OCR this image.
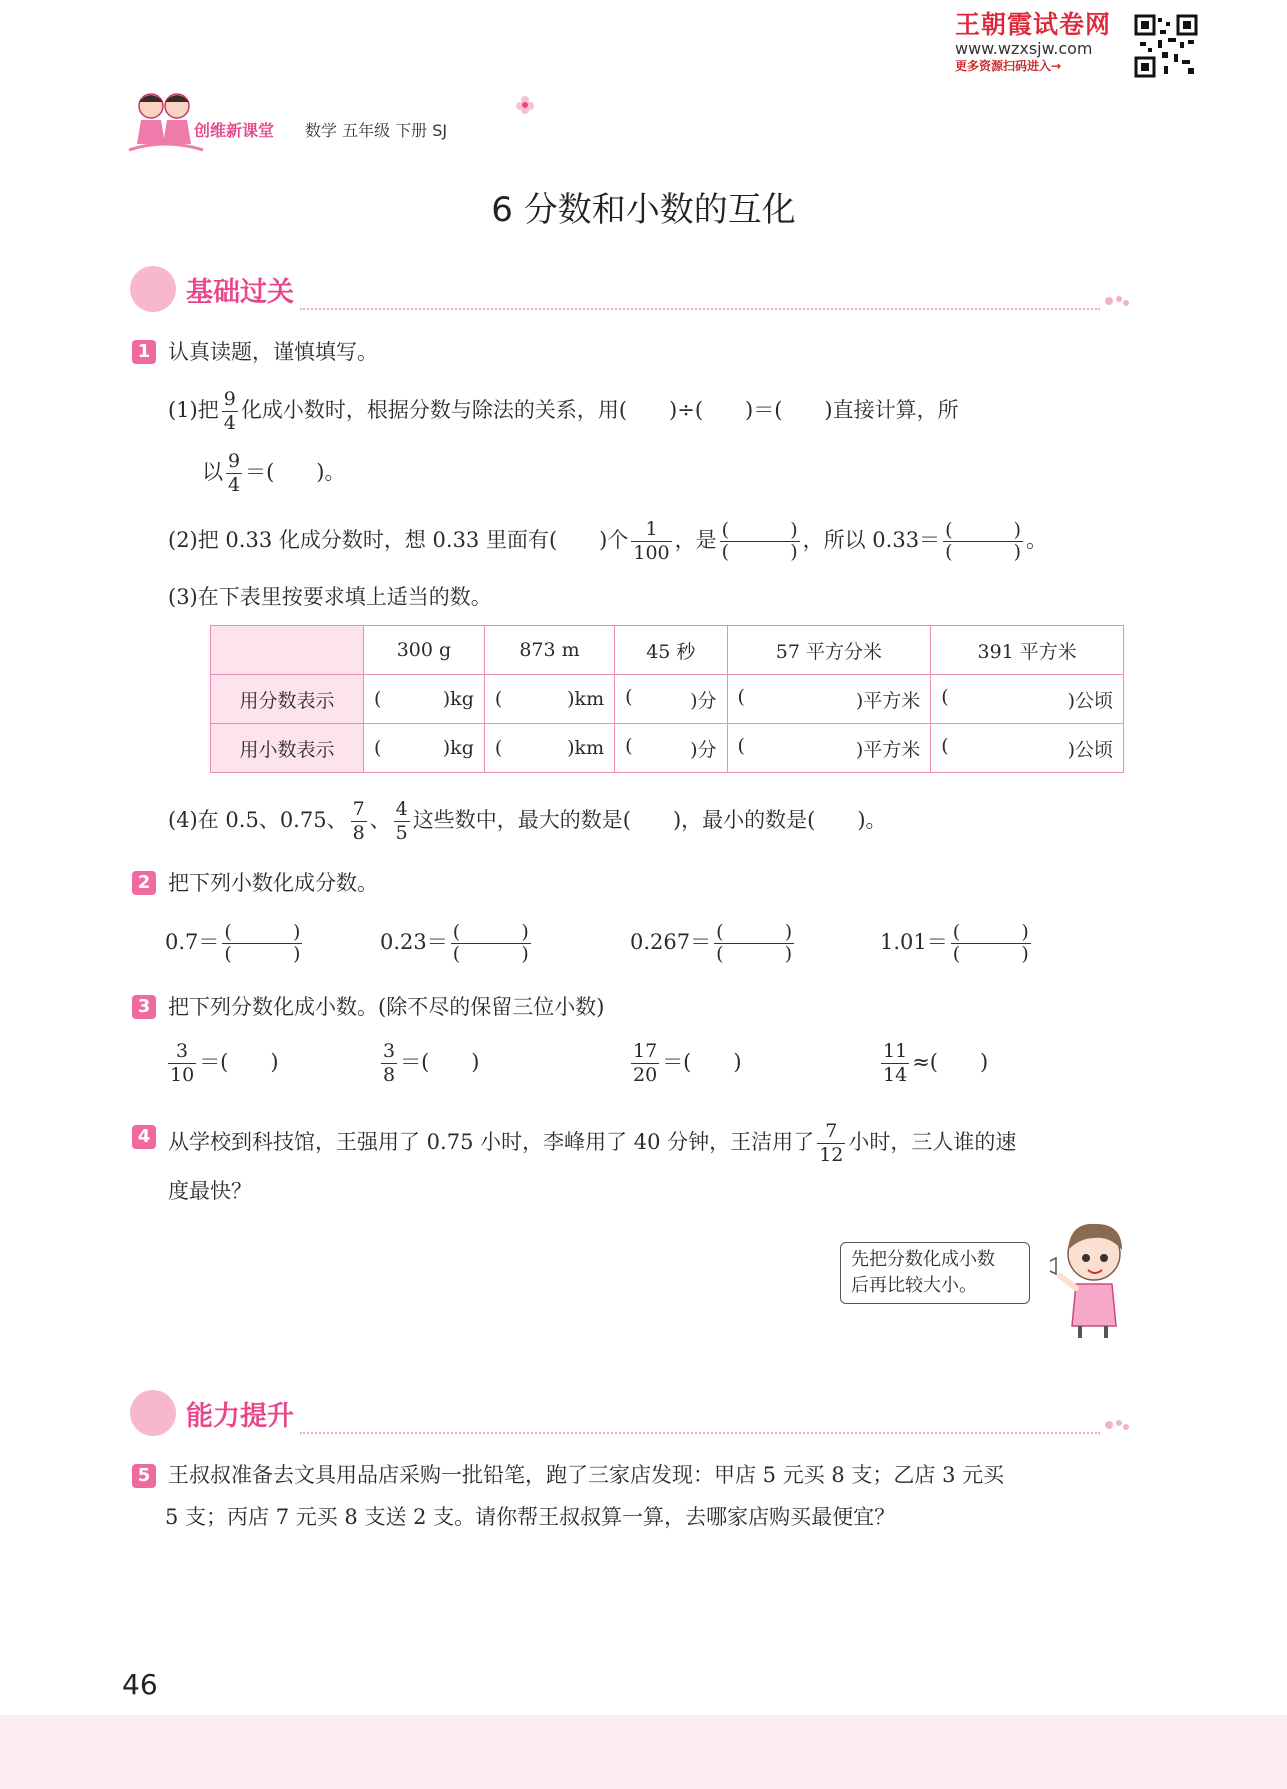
王朝霞试卷网
www.wzxsjw.com
更多资源扫码进入→
创维新课堂 数学 五年级 下册 SJ
6 分数和小数的互化
基础过关
1 认真读题，谨慎填写。
(1)把 $\frac{9}{4}$ 化成小数时，根据分数与除法的关系，用(　　)÷(　　)＝(　　)直接计算，所
以 $\frac{9}{4}$ ＝(　　)。
(2)把 0.33 化成分数时，想 0.33 里面有(　　)个 $\frac{1}{100}$ ，是 (	)
(	) ，所以 0.33＝ (	)
(	) 。
(3)在下表里按要求填上适当的数。
	300 g	873 m	45 秒	57 平方分米	391 平方米
用分数表示	( )kg	( )km	( )分	( )平方米	( )公顷

用小数表示	( )kg	( )km	( )分	( )平方米	( )公顷
(4)在 0.5、0.75、 $\frac{7}{8}$ 、 $\frac{4}{5}$ 这些数中，最大的数是(　　)，最小的数是(　　)。
2 把下列小数化成分数。
0.7＝ (	)
(	)	0.23＝ (	)
(	)	0.267＝ (	)
(	)	1.01＝ (	)
(	)
3 把下列分数化成小数。(除不尽的保留三位小数)
$\frac{3}{10}$ ＝(　　)	$\frac{3}{8}$ ＝(　　)	$\frac{17}{20}$ ＝(　　)	$\frac{11}{14}$ ≈(　　)
4 从学校到科技馆，王强用了 0.75 小时，李峰用了 40 分钟，王洁用了 $\frac{7}{12}$ 小时，三人谁的速
度最快？
先把分数化成小数
后再比较大小。
能力提升
5 王叔叔准备去文具用品店采购一批铅笔，跑了三家店发现：甲店 5 元买 8 支；乙店 3 元买
5 支；丙店 7 元买 8 支送 2 支。请你帮王叔叔算一算，去哪家店购买最便宜？
46
